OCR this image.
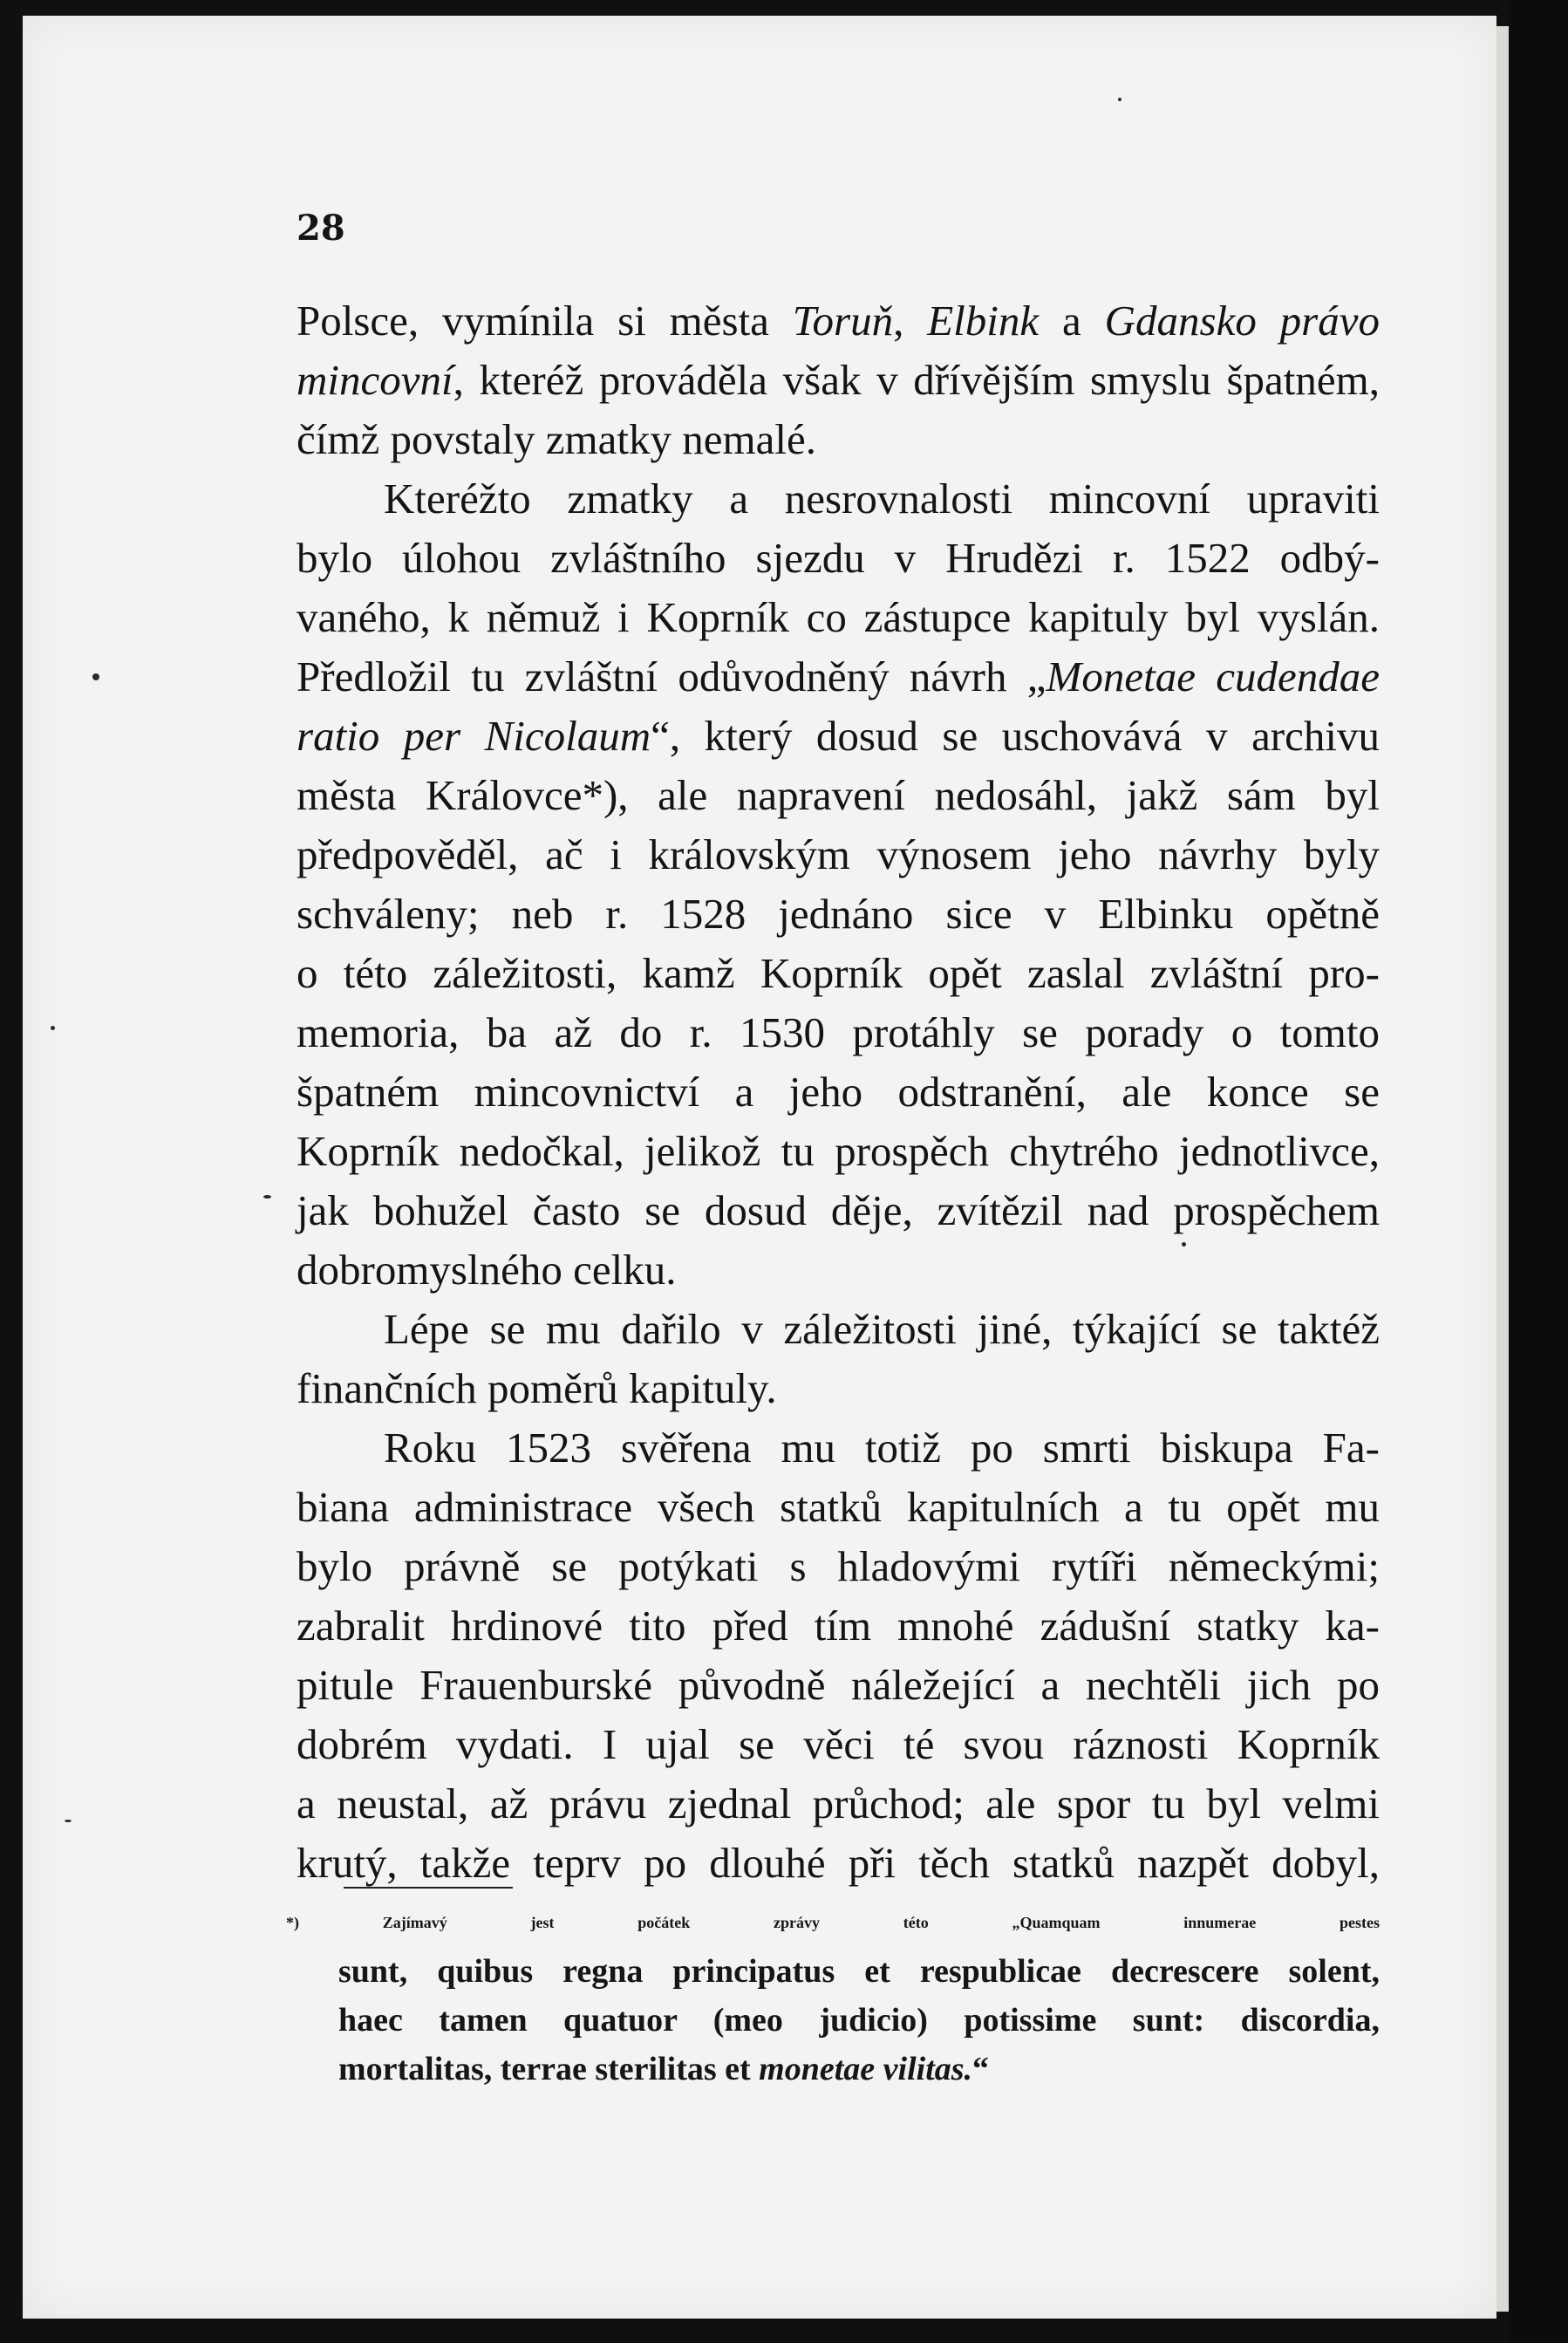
28
Polsce, vymínila si města Toruň, Elbink a Gdansko právo
mincovní, kteréž prováděla však v dřívějším smyslu špatném,
čímž povstaly zmatky nemalé.
Kteréžto zmatky a nesrovnalosti mincovní upraviti
bylo úlohou zvláštního sjezdu v Hrudězi r. 1522 odbý-
vaného, k němuž i Koprník co zástupce kapituly byl vyslán.
Předložil tu zvláštní odůvodněný návrh „Monetae cudendae
ratio per Nicolaum“, který dosud se uschovává v archivu
města Královce*), ale napravení nedosáhl, jakž sám byl
předpověděl, ač i královským výnosem jeho návrhy byly
schváleny; neb r. 1528 jednáno sice v Elbinku opětně
o této záležitosti, kamž Koprník opět zaslal zvláštní pro-
memoria, ba až do r. 1530 protáhly se porady o tomto
špatném mincovnictví a jeho odstranění, ale konce se
Koprník nedočkal, jelikož tu prospěch chytrého jednotlivce,
jak bohužel často se dosud děje, zvítězil nad prospěchem
dobromyslného celku.
Lépe se mu dařilo v záležitosti jiné, týkající se taktéž
finančních poměrů kapituly.
Roku 1523 svěřena mu totiž po smrti biskupa Fa-
biana administrace všech statků kapitulních a tu opět mu
bylo právně se potýkati s hladovými rytíři německými;
zabralit hrdinové tito před tím mnohé zádušní statky ka-
pitule Frauenburské původně náležející a nechtěli jich po
dobrém vydati. I ujal se věci té svou ráznosti Koprník
a neustal, až právu zjednal průchod; ale spor tu byl velmi
krutý, takže teprv po dlouhé při těch statků nazpět dobyl,
*) Zajímavý jest počátek zprávy této „Quamquam innumerae pestes
sunt, quibus regna principatus et respublicae decrescere solent,
haec tamen quatuor (meo judicio) potissime sunt: discordia,
mortalitas, terrae sterilitas et monetae vilitas.“
